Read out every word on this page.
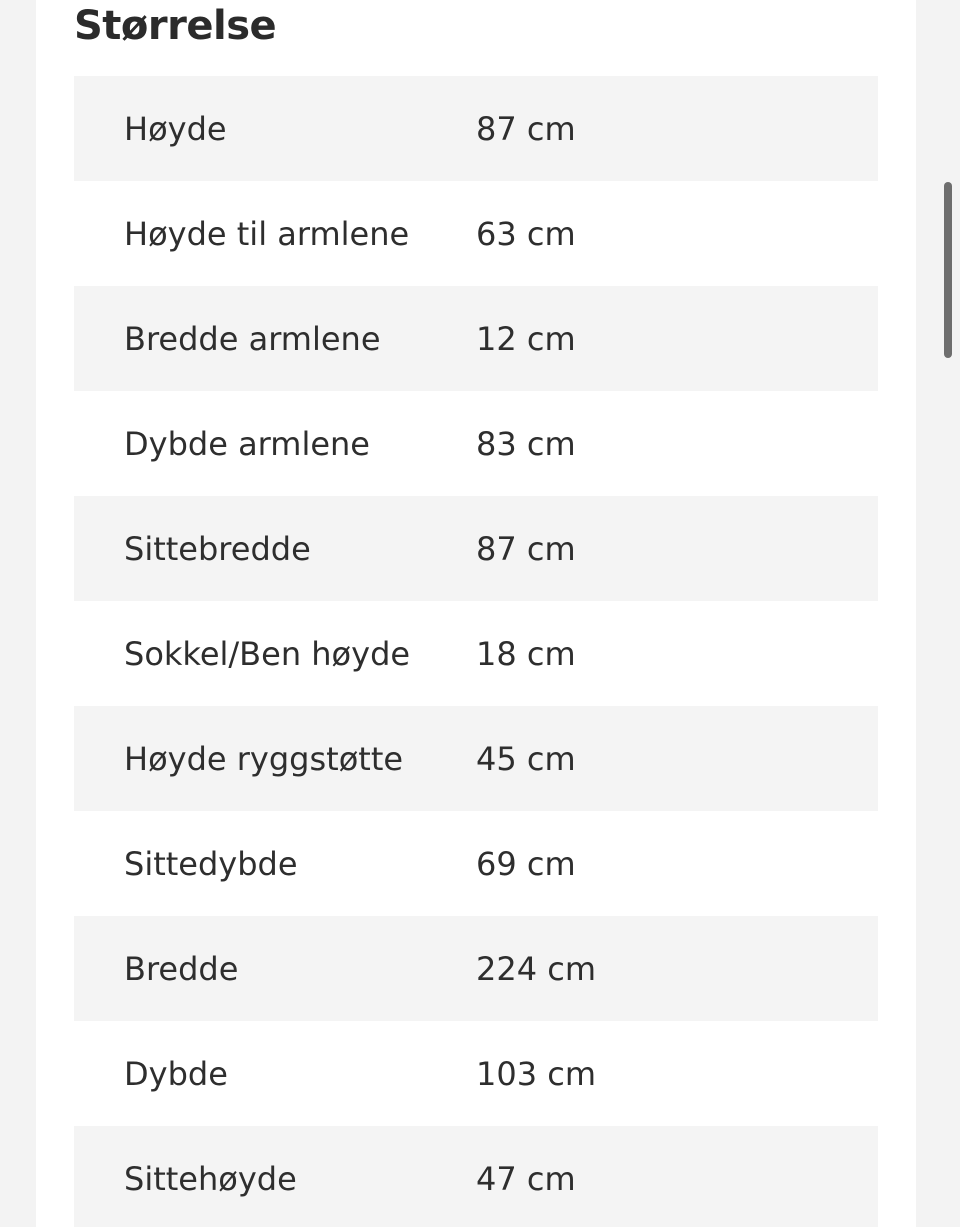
Størrelse
Høyde	87 cm
Høyde til armlene	63 cm
Bredde armlene	12 cm
Dybde armlene	83 cm
Sittebredde	87 cm
Sokkel/Ben høyde	18 cm
Høyde ryggstøtte	45 cm
Sittedybde	69 cm
Bredde	224 cm
Dybde	103 cm
Sittehøyde	47 cm
